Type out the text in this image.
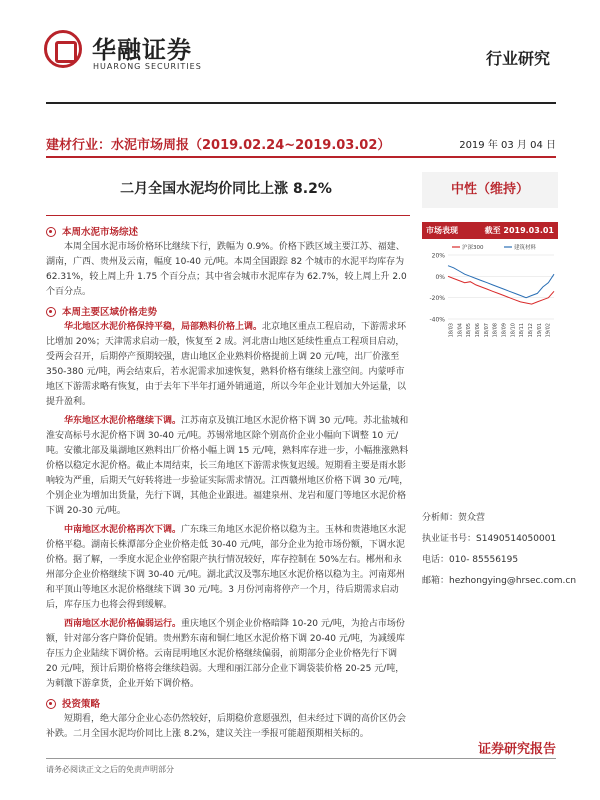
华融证券
HUARONG SECURITIES	行业研究
建材行业：水泥市场周报（2019.02.24~2019.03.02）	2019 年 03 月 04 日
二月全国水泥均价同比上涨 8.2%	中性（维持）
本周水泥市场综述

本周全国水泥市场价格环比继续下行，跌幅为 0.9%。价格下跌区域主要江苏、福建、湖南，广西、贵州及云南，幅度 10-40 元/吨。本周全国跟踪 82 个城市的水泥平均库存为 62.31%，较上周上升 1.75 个百分点；其中省会城市水泥库存为 62.7%，较上周上升 2.0 个百分点。

本周主要区域价格走势

华北地区水泥价格保持平稳，局部熟料价格上调。北京地区重点工程启动，下游需求环比增加 20%；天津需求启动一般，恢复至 2 成。河北唐山地区延续性重点工程项目启动，受两会召开，后期停产预期较强，唐山地区企业熟料价格提前上调 20 元/吨，出厂价涨至 350-380 元/吨，两会结束后，若水泥需求加速恢复，熟料价格有继续上涨空间。内蒙呼市地区下游需求略有恢复，由于去年下半年打通外销通道，所以今年企业计划加大外运量，以提升盈利。

华东地区水泥价格继续下调。江苏南京及镇江地区水泥价格下调 30 元/吨。苏北盐城和淮安高标号水泥价格下调 30-40 元/吨。苏锡常地区除个别高价企业小幅向下调整 10 元/吨。安徽北部及巢湖地区熟料出厂价格小幅上调 15 元/吨，熟料库存进一步，小幅推涨熟料价格以稳定水泥价格。截止本周结束，长三角地区下游需求恢复迟缓。短期看主要是雨水影响较为严重，后期天气好转将进一步验证实际需求情况。江西赣州地区价格下调 30 元/吨，个别企业为增加出货量，先行下调，其他企业跟进。福建泉州、龙岩和厦门等地区水泥价格下调 20-30 元/吨。

中南地区水泥价格再次下调。广东珠三角地区水泥价格以稳为主。玉林和贵港地区水泥价格平稳。湖南长株潭部分企业价格走低 30-40 元/吨，部分企业为抢市场份额，下调水泥价格。据了解，一季度水泥企业停窑限产执行情况较好，库存控制在 50%左右。郴州和永州部分企业价格继续下调 30-40 元/吨。湖北武汉及鄂东地区水泥价格以稳为主。河南郑州和平顶山等地区水泥价格继续下调 30 元/吨。3 月份河南将停产一个月，待后期需求启动后，库存压力也将会得到缓解。

西南地区水泥价格偏弱运行。重庆地区个别企业价格暗降 10-20 元/吨，为抢占市场份额，针对部分客户降价促销。贵州黔东南和铜仁地区水泥价格下调 20-40 元/吨，为减缓库存压力企业陆续下调价格。云南昆明地区水泥价格继续偏弱，前期部分企业价格先行下调 20 元/吨，预计后期价格将会继续趋弱。大理和丽江部分企业下调袋装价格 20-25 元/吨，为刺激下游拿货，企业开始下调价格。

投资策略

短期看，绝大部分企业心态仍然较好，后期稳价意愿强烈，但未经过下调的高价区仍会补跌。二月全国水泥均价同比上涨 8.2%，建议关注一季报可能超预期相关标的。

市场表现	截至 2019.03.01
20%
0%
-20%
-40%
18/03 18/04 18/05 18/06 18/07 18/08 18/09 18/10 18/11 18/12 19/01 19/02
沪深300	建筑材料
分析师：贺众营
执业证书号：S1490514050001
电话：010- 85556195
邮箱：hezhongying@hrsec.com.cn
证券研究报告
请务必阅读正文之后的免责声明部分
